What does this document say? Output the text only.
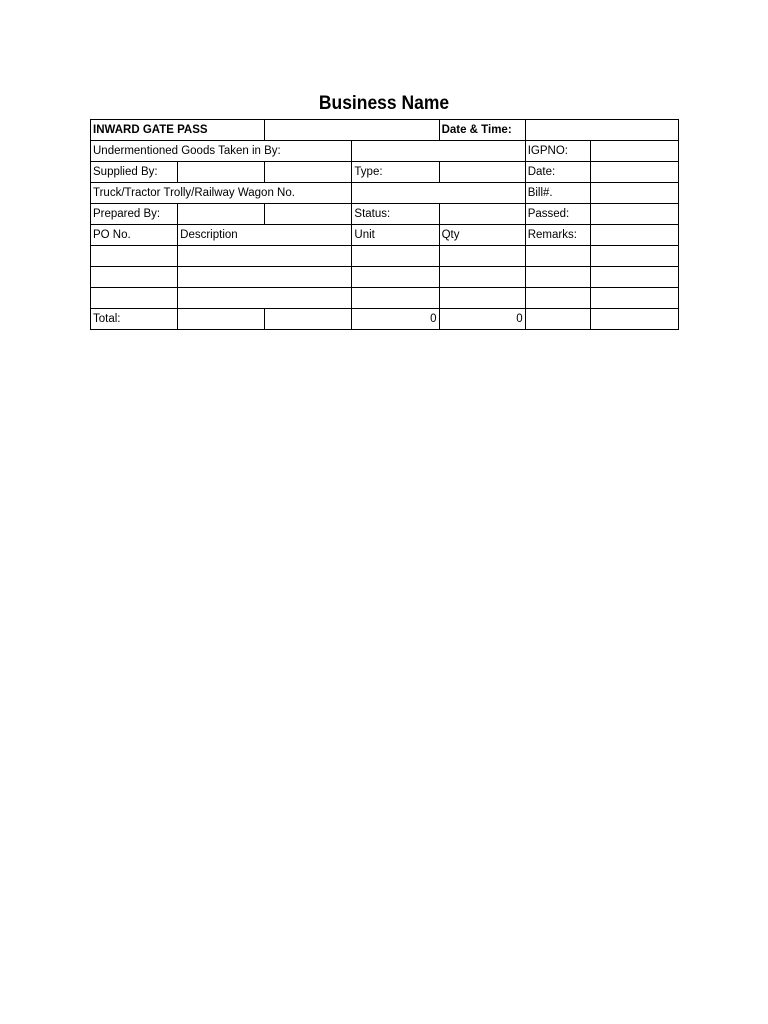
Business Name
INWARD GATE PASS				Date & Time:		
Undermentioned Goods Taken in By:					IGPNO:	
Supplied By:			Type:		Date:	
Truck/Tractor Trolly/Railway Wagon No.					Bill#.	
Prepared By:			Status:		Passed:	
PO No.	Description		Unit	Qty	Remarks:	

Total:			0	0		
